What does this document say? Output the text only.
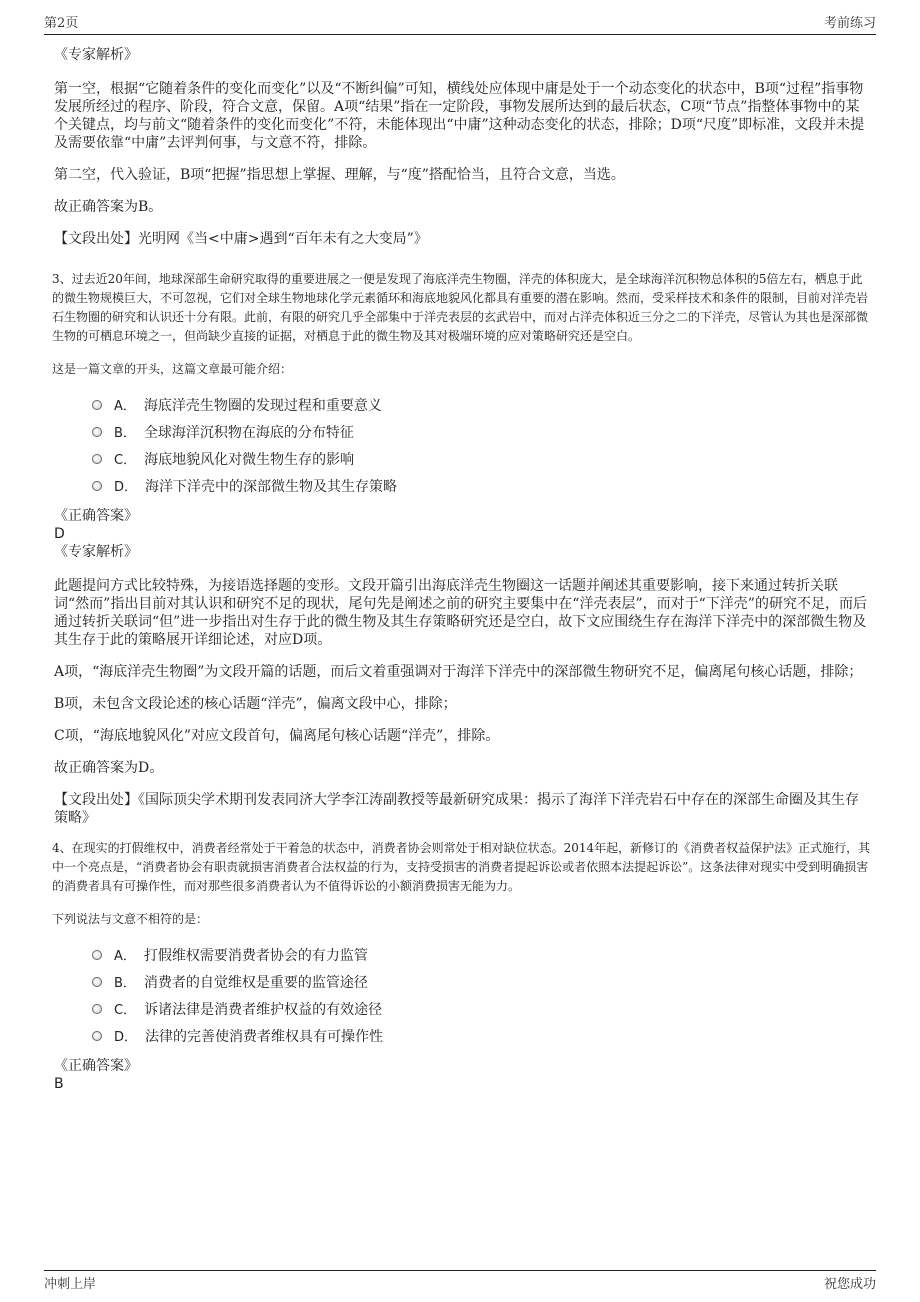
第2页	考前练习

《专家解析》

第一空，根据“它随着条件的变化而变化”以及“不断纠偏”可知，横线处应体现中庸是处于一个动态变化的状态中，B项“过程”指事物发展所经过的程序、阶段，符合文意，保留。A项“结果”指在一定阶段，事物发展所达到的最后状态，C项“节点”指整体事物中的某个关键点，均与前文“随着条件的变化而变化”不符，未能体现出“中庸”这种动态变化的状态，排除；D项“尺度”即标准，文段并未提及需要依靠“中庸”去评判何事，与文意不符，排除。

第二空，代入验证，B项“把握”指思想上掌握、理解，与“度”搭配恰当，且符合文意，当选。

故正确答案为B。

【文段出处】光明网《当<中庸>遇到“百年未有之大变局”》

3、过去近20年间，地球深部生命研究取得的重要进展之一便是发现了海底洋壳生物圈，洋壳的体积庞大，是全球海洋沉积物总体积的5倍左右，栖息于此的微生物规模巨大，不可忽视，它们对全球生物地球化学元素循环和海底地貌风化都具有重要的潜在影响。然而，受采样技术和条件的限制，目前对洋壳岩石生物圈的研究和认识还十分有限。此前，有限的研究几乎全部集中于洋壳表层的玄武岩中，而对占洋壳体积近三分之二的下洋壳，尽管认为其也是深部微生物的可栖息环境之一，但尚缺少直接的证据，对栖息于此的微生物及其对极端环境的应对策略研究还是空白。

这是一篇文章的开头，这篇文章最可能介绍：

A． 海底洋壳生物圈的发现过程和重要意义
B． 全球海洋沉积物在海底的分布特征
C． 海底地貌风化对微生物生存的影响
D． 海洋下洋壳中的深部微生物及其生存策略

《正确答案》

D

《专家解析》

此题提问方式比较特殊，为接语选择题的变形。文段开篇引出海底洋壳生物圈这一话题并阐述其重要影响，接下来通过转折关联词“然而”指出目前对其认识和研究不足的现状，尾句先是阐述之前的研究主要集中在“洋壳表层”，而对于“下洋壳”的研究不足，而后通过转折关联词“但”进一步指出对生存于此的微生物及其生存策略研究还是空白，故下文应围绕生存在海洋下洋壳中的深部微生物及其生存于此的策略展开详细论述，对应D项。

A项，“海底洋壳生物圈”为文段开篇的话题，而后文着重强调对于海洋下洋壳中的深部微生物研究不足，偏离尾句核心话题，排除；

B项，未包含文段论述的核心话题“洋壳”，偏离文段中心，排除；

C项，“海底地貌风化”对应文段首句，偏离尾句核心话题“洋壳”，排除。

故正确答案为D。

【文段出处】《国际顶尖学术期刊发表同济大学李江涛副教授等最新研究成果：揭示了海洋下洋壳岩石中存在的深部生命圈及其生存策略》

4、在现实的打假维权中，消费者经常处于干着急的状态中，消费者协会则常处于相对缺位状态。2014年起，新修订的《消费者权益保护法》正式施行，其中一个亮点是，“消费者协会有职责就损害消费者合法权益的行为，支持受损害的消费者提起诉讼或者依照本法提起诉讼”。这条法律对现实中受到明确损害的消费者具有可操作性，而对那些很多消费者认为不值得诉讼的小额消费损害无能为力。

下列说法与文意不相符的是：

A． 打假维权需要消费者协会的有力监管
B． 消费者的自觉维权是重要的监管途径
C． 诉诸法律是消费者维护权益的有效途径
D． 法律的完善使消费者维权具有可操作性

《正确答案》

B

冲刺上岸	祝您成功
